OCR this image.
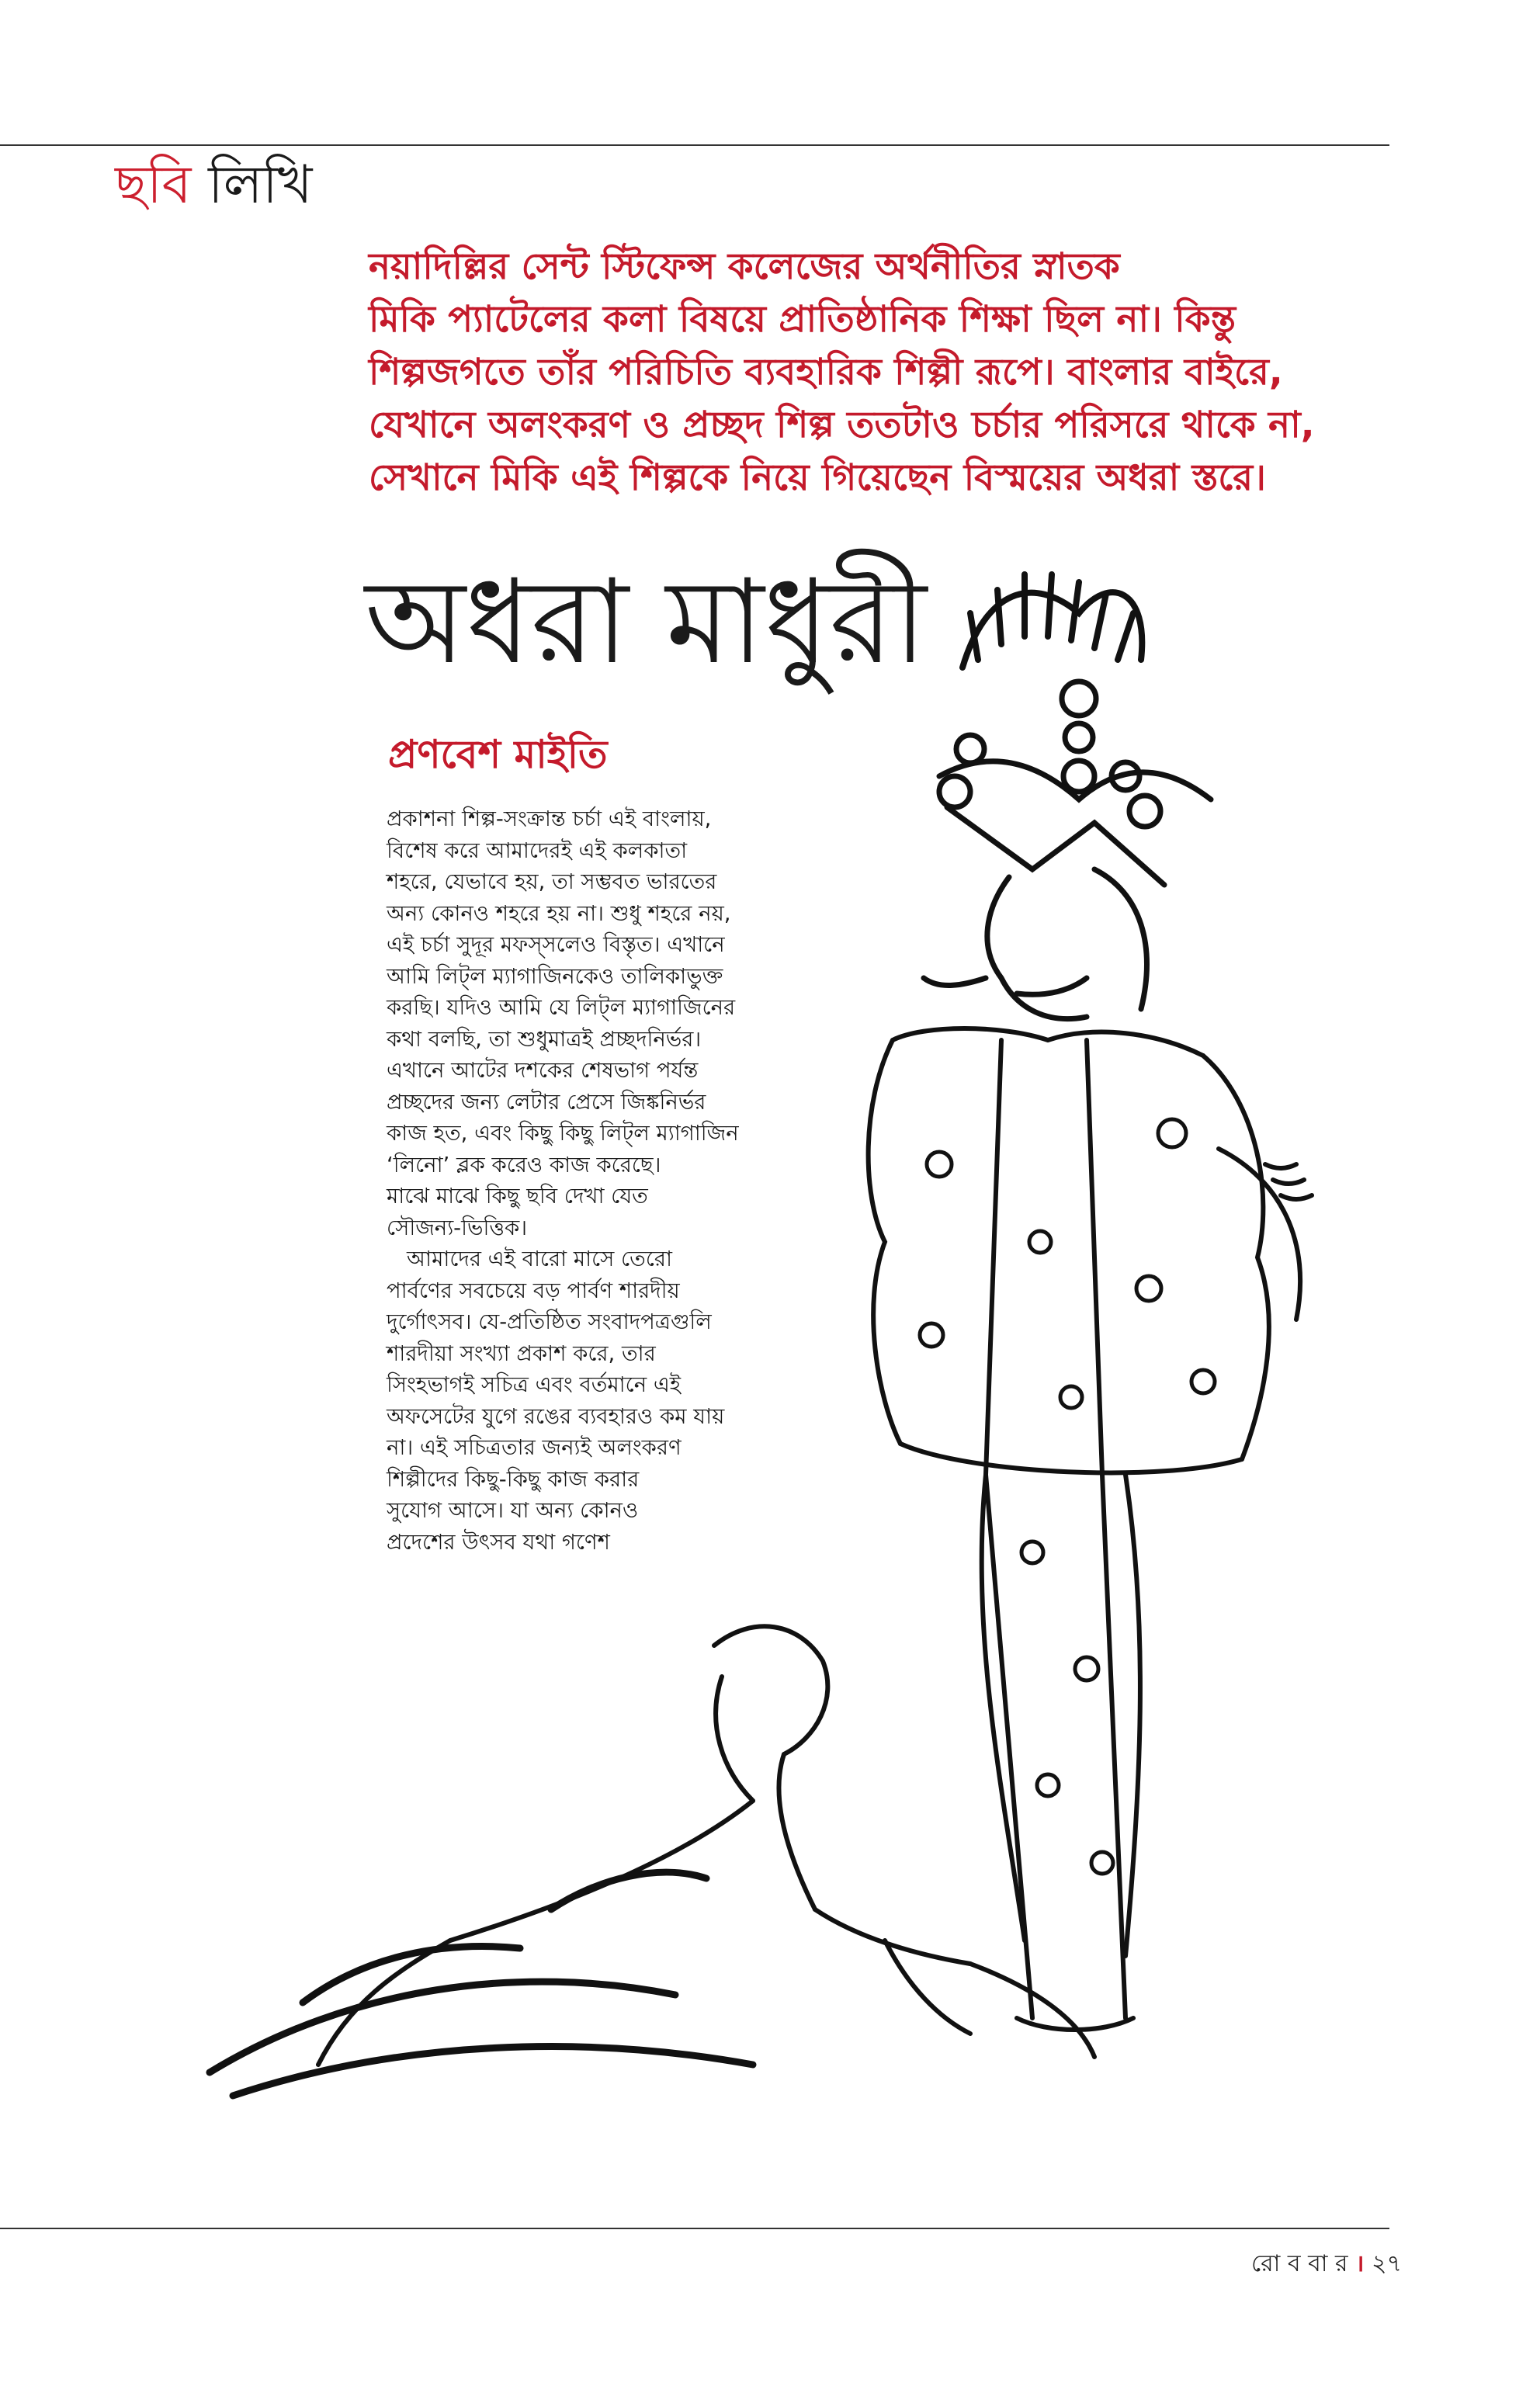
ছবি লিখি
নয়াদিল্লির সেন্ট স্টিফেন্স কলেজের অর্থনীতির স্নাতক
মিকি প্যাটেলের কলা বিষয়ে প্রাতিষ্ঠানিক শিক্ষা ছিল না। কিন্তু
শিল্পজগতে তাঁর পরিচিতি ব্যবহারিক শিল্পী রূপে। বাংলার বাইরে,
যেখানে অলংকরণ ও প্রচ্ছদ শিল্প ততটাও চর্চার পরিসরে থাকে না,
সেখানে মিকি এই শিল্পকে নিয়ে গিয়েছেন বিস্ময়ের অধরা স্তরে।
অধরা মাধুরী
প্রণবেশ মাইতি
প্রকাশনা শিল্প-সংক্রান্ত চর্চা এই বাংলায়,
বিশেষ করে আমাদেরই এই কলকাতা
শহরে, যেভাবে হয়, তা সম্ভবত ভারতের
অন্য কোনও শহরে হয় না। শুধু শহরে নয়,
এই চর্চা সুদূর মফস্সলেও বিস্তৃত। এখানে
আমি লিট্‌ল ম্যাগাজিনকেও তালিকাভুক্ত
করছি। যদিও আমি যে লিট্‌ল ম্যাগাজিনের
কথা বলছি, তা শুধুমাত্রই প্রচ্ছদনির্ভর।
এখানে আটের দশকের শেষভাগ পর্যন্ত
প্রচ্ছদের জন্য লেটার প্রেসে জিঙ্কনির্ভর
কাজ হত, এবং কিছু কিছু লিট্‌ল ম্যাগাজিন
‘লিনো’ ব্লক করেও কাজ করেছে।
মাঝে মাঝে কিছু ছবি দেখা যেত
সৌজন্য-ভিত্তিক।
আমাদের এই বারো মাসে তেরো
পার্বণের সবচেয়ে বড় পার্বণ শারদীয়
দুর্গোৎসব। যে-প্রতিষ্ঠিত সংবাদপত্রগুলি
শারদীয়া সংখ্যা প্রকাশ করে, তার
সিংহভাগই সচিত্র এবং বর্তমানে এই
অফসেটের যুগে রঙের ব্যবহারও কম যায়
না। এই সচিত্রতার জন্যই অলংকরণ
শিল্পীদের কিছু-কিছু কাজ করার
সুযোগ আসে। যা অন্য কোনও
প্রদেশের উৎসব যথা গণেশ
রো ব বা র । ২৭
